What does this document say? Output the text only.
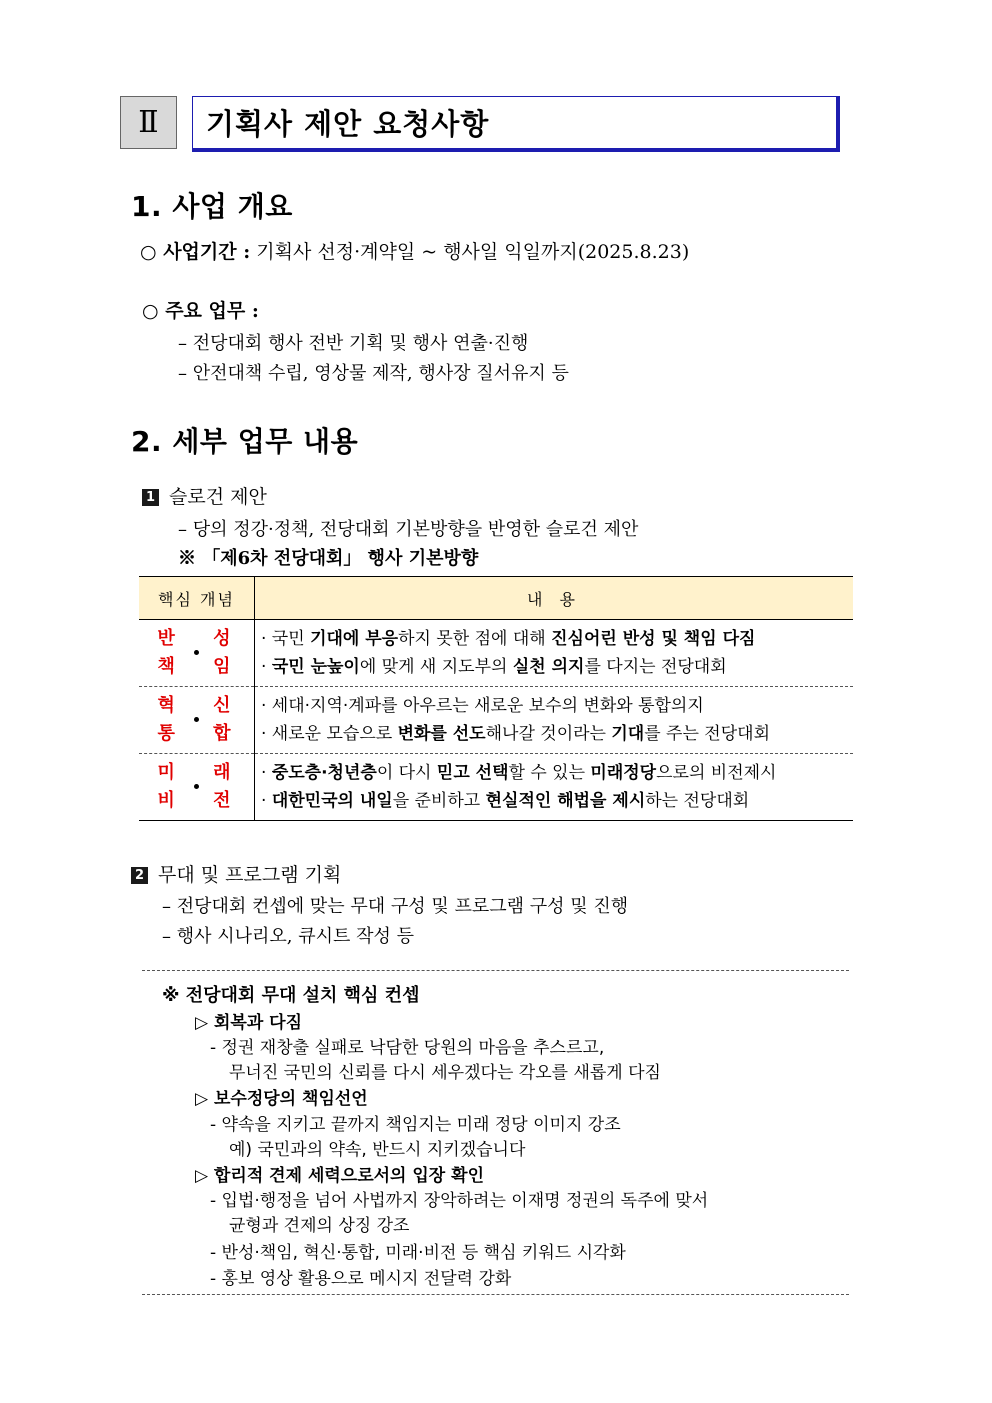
Ⅱ	기획사 제안 요청사항
1. 사업 개요
○ 사업기간 : 기획사 선정·계약일 ~ 행사일 익일까지(2025.8.23)
○ 주요 업무 :
– 전당대회 행사 전반 기획 및 행사 연출·진행
– 안전대책 수립, 영상물 제작, 행사장 질서유지 등
2. 세부 업무 내용
1 슬로건 제안
– 당의 정강·정책, 전당대회 기본방향을 반영한 슬로건 제안
※ 「제6차 전당대회」 행사 기본방향
핵심 개념	내 용

반 성
책 임	· 국민 기대에 부응하지 못한 점에 대해 진심어린 반성 및 책임 다짐
· 국민 눈높이에 맞게 새 지도부의 실천 의지를 다지는 전당대회

혁 신
통 합	· 세대·지역·계파를 아우르는 새로운 보수의 변화와 통합의지
· 새로운 모습으로 변화를 선도해나갈 것이라는 기대를 주는 전당대회

미 래
비 전	· 중도층·청년층이 다시 믿고 선택할 수 있는 미래정당으로의 비전제시
· 대한민국의 내일을 준비하고 현실적인 해법을 제시하는 전당대회
2 무대 및 프로그램 기획
– 전당대회 컨셉에 맞는 무대 구성 및 프로그램 구성 및 진행
– 행사 시나리오, 큐시트 작성 등
※ 전당대회 무대 설치 핵심 컨셉
▷ 회복과 다짐
- 정권 재창출 실패로 낙담한 당원의 마음을 추스르고,
무너진 국민의 신뢰를 다시 세우겠다는 각오를 새롭게 다짐
▷ 보수정당의 책임선언
- 약속을 지키고 끝까지 책임지는 미래 정당 이미지 강조
예) 국민과의 약속, 반드시 지키겠습니다
▷ 합리적 견제 세력으로서의 입장 확인
- 입법·행정을 넘어 사법까지 장악하려는 이재명 정권의 독주에 맞서
균형과 견제의 상징 강조
- 반성·책임, 혁신·통합, 미래·비전 등 핵심 키워드 시각화
- 홍보 영상 활용으로 메시지 전달력 강화
